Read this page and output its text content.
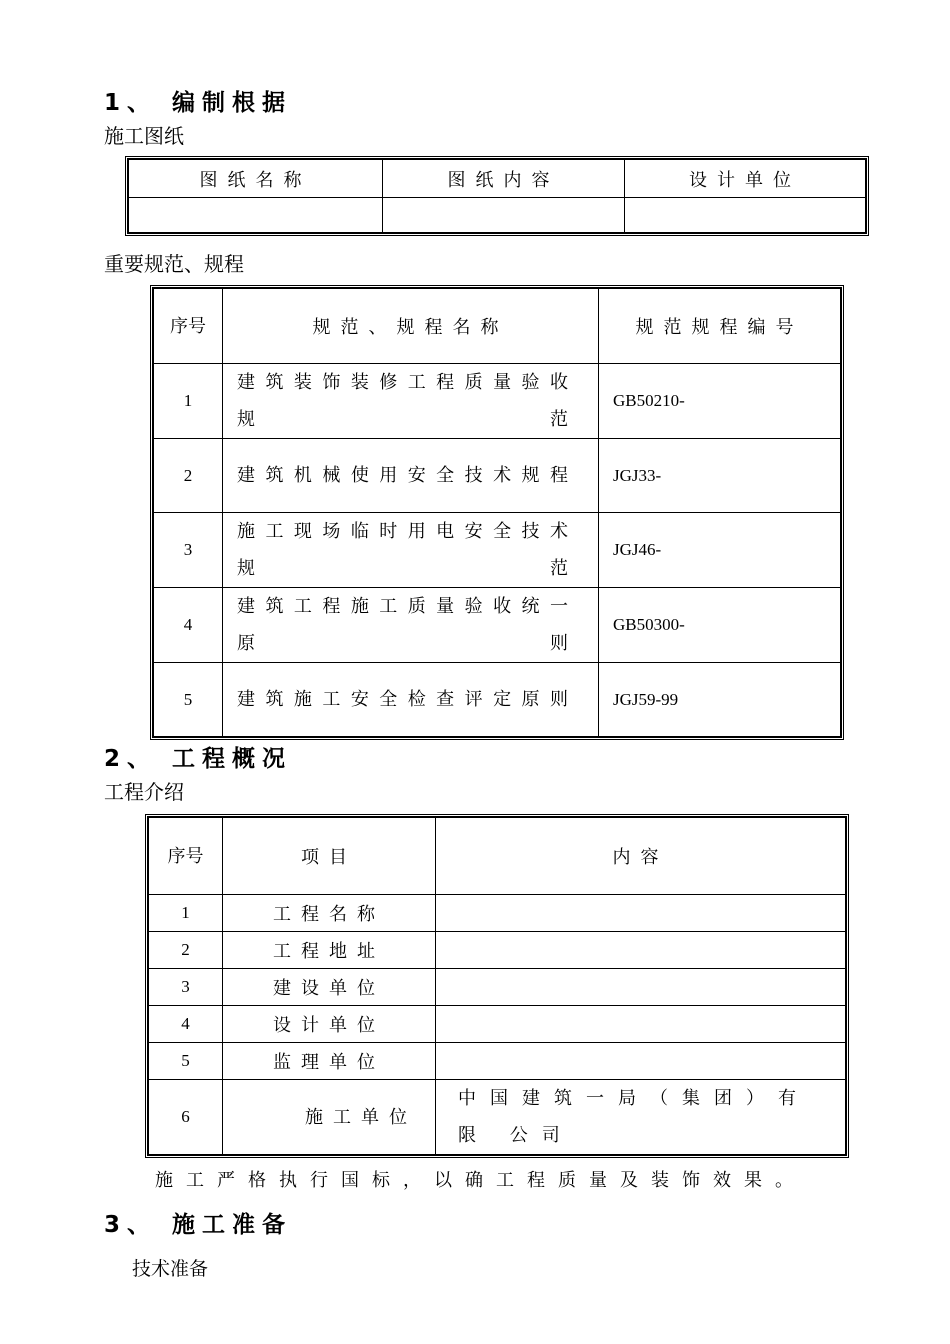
1、 编制根据
施工图纸
图纸名称	图纸内容	设计单位

重要规范、规程
序号	规范、规程名称	规范规程编号
1	建筑装饰装修工程质量验收规范	GB50210-
2	建筑机械使用安全技术规程	JGJ33-
3	施工现场临时用电安全技术规范	JGJ46-
4	建筑工程施工质量验收统一原则	GB50300-
5	建筑施工安全检查评定原则	JGJ59-99
2、 工程概况
工程介绍
序号	项目	内容
1	工程名称	
2	工程地址	
3	建设单位	
4	设计单位	
5	监理单位	
6	施工单位	中国建筑一局（集团）有限 公司
施工严格执行国标，以确工程质量及装饰效果。
3、 施工准备
技术准备
